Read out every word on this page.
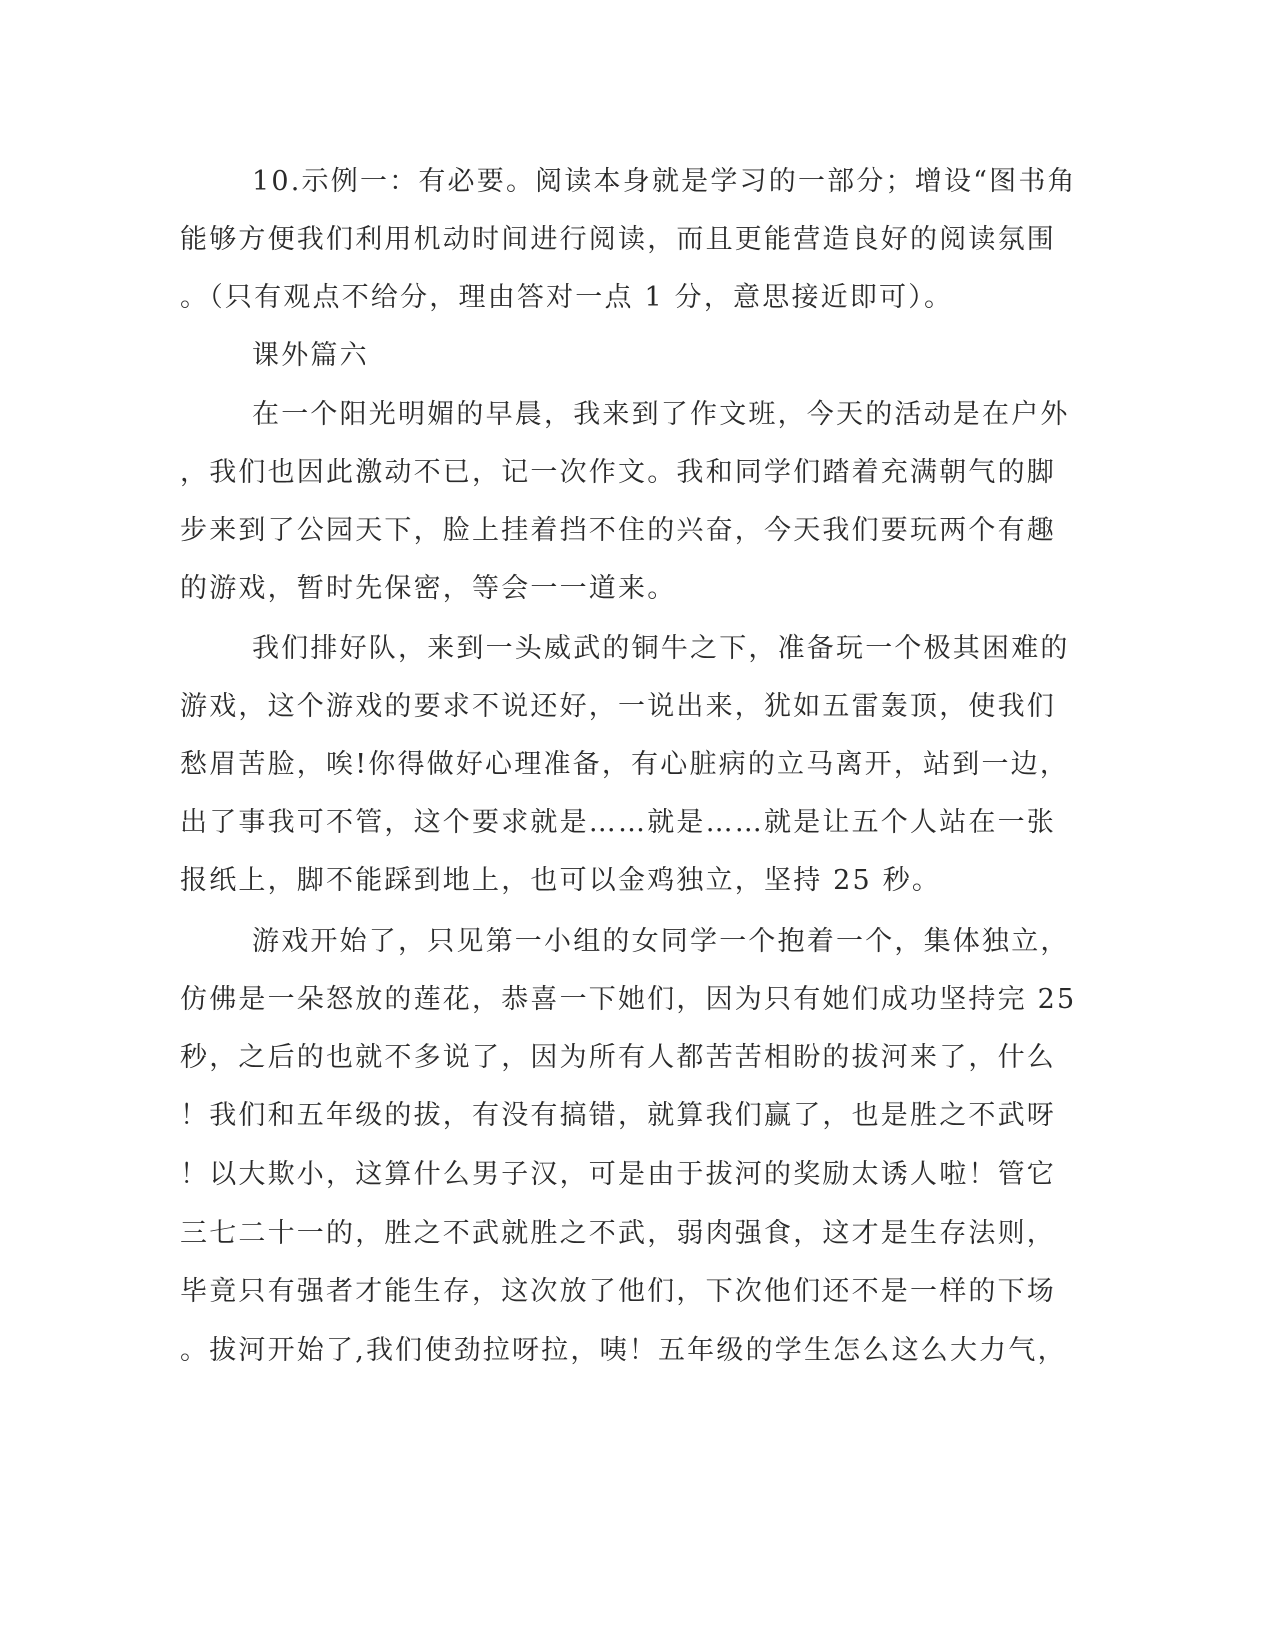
10.示例一：有必要。阅读本身就是学习的一部分；增设“图书角
能够方便我们利用机动时间进行阅读，而且更能营造良好的阅读氛围
。（只有观点不给分，理由答对一点 1 分，意思接近即可）。
课外篇六
在一个阳光明媚的早晨，我来到了作文班，今天的活动是在户外
，我们也因此激动不已，记一次作文。我和同学们踏着充满朝气的脚
步来到了公园天下，脸上挂着挡不住的兴奋，今天我们要玩两个有趣
的游戏，暂时先保密，等会一一道来。
我们排好队，来到一头威武的铜牛之下，准备玩一个极其困难的
游戏，这个游戏的要求不说还好，一说出来，犹如五雷轰顶，使我们
愁眉苦脸，唉!你得做好心理准备，有心脏病的立马离开，站到一边，
出了事我可不管，这个要求就是……就是……就是让五个人站在一张
报纸上，脚不能踩到地上，也可以金鸡独立，坚持 25 秒。
游戏开始了，只见第一小组的女同学一个抱着一个，集体独立，
仿佛是一朵怒放的莲花，恭喜一下她们，因为只有她们成功坚持完 25
秒，之后的也就不多说了，因为所有人都苦苦相盼的拔河来了，什么
！我们和五年级的拔，有没有搞错，就算我们赢了，也是胜之不武呀
！以大欺小，这算什么男子汉，可是由于拔河的奖励太诱人啦！管它
三七二十一的，胜之不武就胜之不武，弱肉强食，这才是生存法则，
毕竟只有强者才能生存，这次放了他们，下次他们还不是一样的下场
。拔河开始了,我们使劲拉呀拉，咦！五年级的学生怎么这么大力气，
